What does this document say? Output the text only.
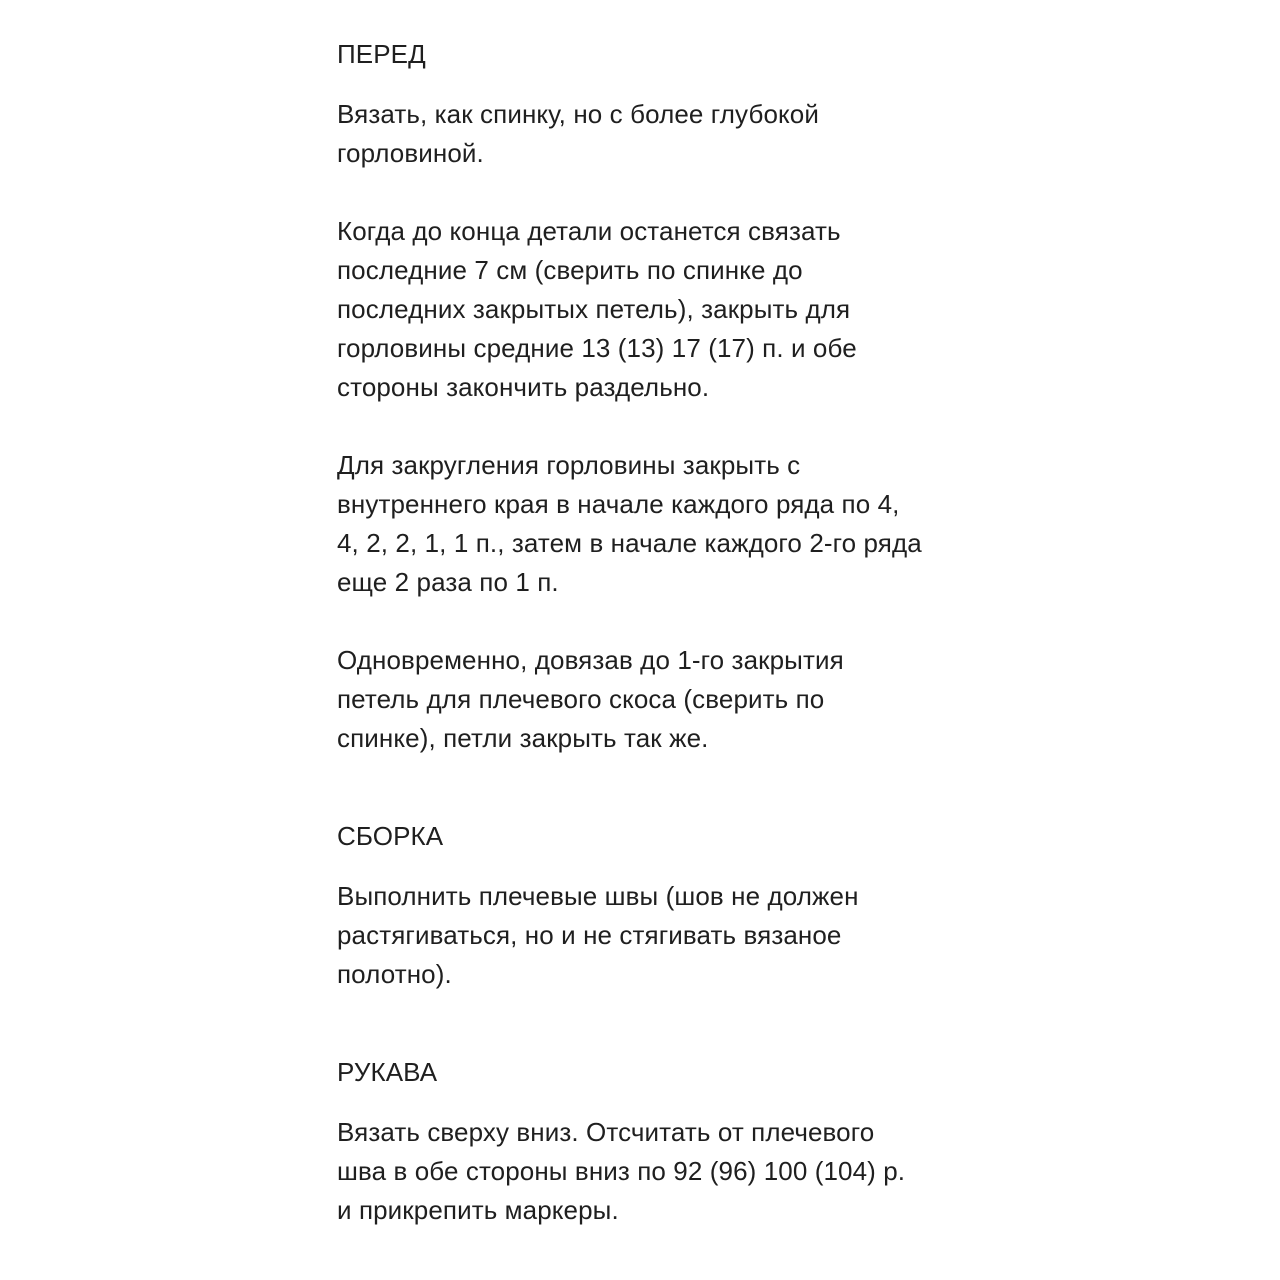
ПЕРЕД

Вязать, как спинку, но с более глубокой
горловиной.

Когда до конца детали останется связать
последние 7 см (сверить по спинке до
последних закрытых петель), закрыть для
горловины средние 13 (13) 17 (17) п. и обе
стороны закончить раздельно.

Для закругления горловины закрыть с
внутреннего края в начале каждого ряда по 4,
4, 2, 2, 1, 1 п., затем в начале каждого 2-го ряда
еще 2 раза по 1 п.

Одновременно, довязав до 1-го закрытия
петель для плечевого скоса (сверить по
спинке), петли закрыть так же.

СБОРКА

Выполнить плечевые швы (шов не должен
растягиваться, но и не стягивать вязаное
полотно).

РУКАВА

Вязать сверху вниз. Отсчитать от плечевого
шва в обе стороны вниз по 92 (96) 100 (104) р.
и прикрепить маркеры.
